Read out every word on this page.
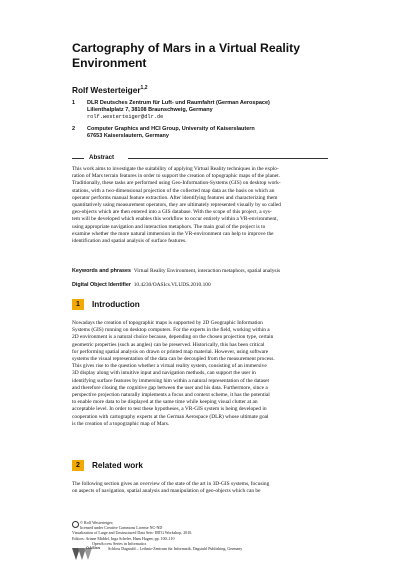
Cartography of Mars in a Virtual Reality
Environment
Rolf Westerteiger$^{1,2}$
1 DLR Deutsches Zentrum für Luft- und Raumfahrt (German Aerospace)
Lilienthalplatz 7, 38108 Braunschweig, Germany
rolf.westerteiger@dlr.de
2 Computer Graphics and HCI Group, University of Kaiserslautern
67653 Kaiserslautern, Germany
Abstract
This work aims to investigate the suitability of applying Virtual Reality techniques in the explo-
ration of Mars terrain features in order to support the creation of topographic maps of the planet.
Traditionally, these tasks are performed using Geo-Information-Systems (GIS) on desktop work-
stations, with a two-dimensional projection of the collected map data as the basis on which an
operator performs manual feature extraction. After identifying features and characterizing them
quantitatively using measurement operators, they are ultimately represented visually by so called
geo-objects which are then entered into a GIS database. With the scope of this project, a sys-
tem will be developed which enables this workflow to occur entirely within a VR-environment,
using appropriate navigation and interaction metaphors. The main goal of the project is to
examine whether the more natural immersion in the VR-environment can help to improve the
identification and spatial analysis of surface features.
Keywords and phrases Virtual Reality Environment, interaction metaphors, spatial analysis
Digital Object Identifier 10.4230/OASIcs.VLUDS.2010.100
1	Introduction
Nowadays the creation of topographic maps is supported by 2D Geographic Information
Systems (GIS) running on desktop computers. For the experts in the field, working within a
2D environment is a natural choice because, depending on the chosen projection type, certain
geometric properties (such as angles) can be preserved. Historically, this has been critical
for performing spatial analysis on drawn or printed map material. However, using software
systems the visual representation of the data can be decoupled from the measurement process.
This gives rise to the question whether a virtual reality system, consisting of an immersive
3D display along with intuitive input and navigation methods, can support the user in
identifying surface features by immersing him within a natural representation of the dataset
and therefore closing the cognitive gap between the user and his data. Furthermore, since a
perspective projection naturally implements a focus and context scheme, it has the potential
to enable more data to be displayed at the same time while keeping visual clutter at an
acceptable level. In order to test these hypotheses, a VR-GIS system is being developed in
cooperation with cartography experts at the German Aerospace (DLR) whose ultimate goal
is the creation of a topographic map of Mars.
2	Related work
The following section gives an overview of the state of the art in 3D-GIS systems, focusing
on aspects of navigation, spatial analysis and manipulation of geo-objects which can be
© Rolf Westerteiger;
licensed under Creative Commons License NC-ND
Visualization of Large and Unstructured Data Sets- IRTG Workshop, 2010.
Editors: Ariane Middel, Inga Scheler, Hans Hagen; pp. 100–110
OpenAccess Series in Informatics
Schloss Dagstuhl – Leibniz-Zentrum für Informatik, Dagstuhl Publishing, Germany
OASIcs
